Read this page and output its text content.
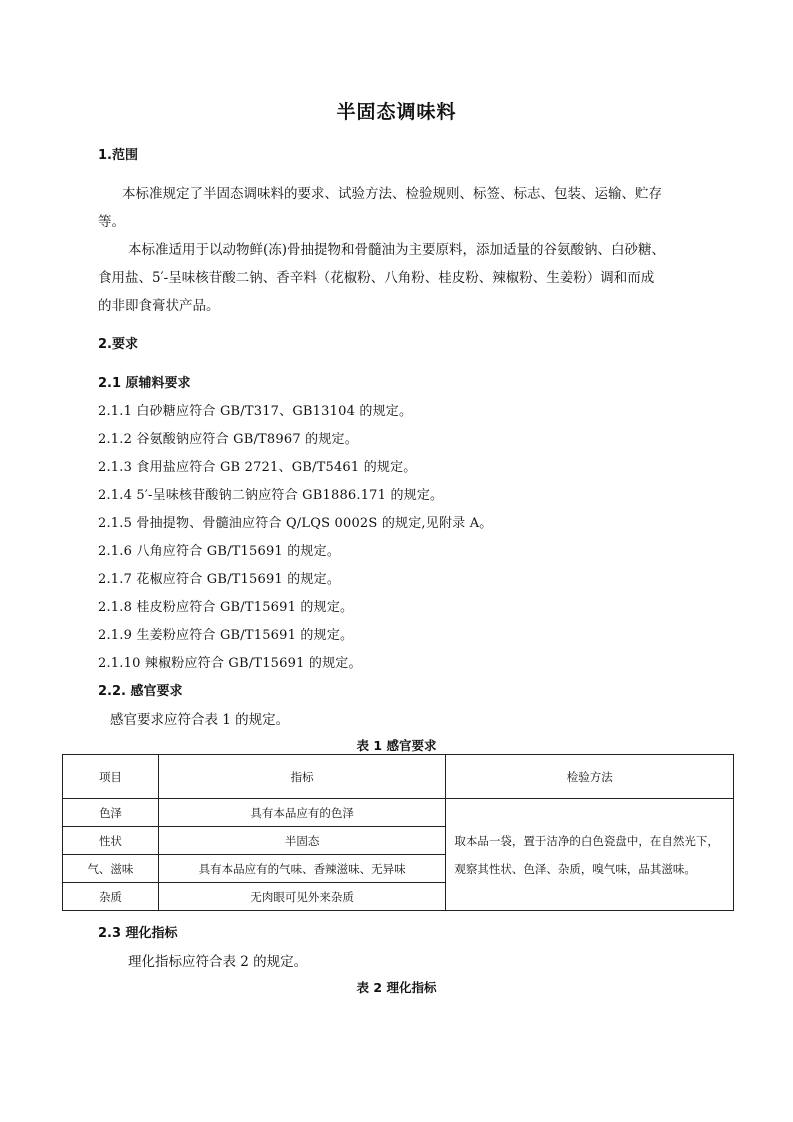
半固态调味料
1.范围
本标准规定了半固态调味料的要求、试验方法、检验规则、标签、标志、包装、运输、贮存
等。
本标准适用于以动物鲜(冻)骨抽提物和骨髓油为主要原料，添加适量的谷氨酸钠、白砂糖、
食用盐、5′-呈味核苷酸二钠、香辛料（花椒粉、八角粉、桂皮粉、辣椒粉、生姜粉）调和而成
的非即食膏状产品。
2.要求
2.1 原辅料要求
2.1.1 白砂糖应符合 GB/T317、GB13104 的规定。
2.1.2 谷氨酸钠应符合 GB/T8967 的规定。
2.1.3 食用盐应符合 GB 2721、GB/T5461 的规定。
2.1.4 5′-呈味核苷酸钠二钠应符合 GB1886.171 的规定。
2.1.5 骨抽提物、骨髓油应符合 Q/LQS 0002S 的规定,见附录 A。
2.1.6 八角应符合 GB/T15691 的规定。
2.1.7 花椒应符合 GB/T15691 的规定。
2.1.8 桂皮粉应符合 GB/T15691 的规定。
2.1.9 生姜粉应符合 GB/T15691 的规定。
2.1.10 辣椒粉应符合 GB/T15691 的规定。
2.2. 感官要求
感官要求应符合表 1 的规定。
表 1 感官要求
项目	指标	检验方法
色泽	具有本品应有的色泽	取本品一袋，置于洁净的白色瓷盘中，在自然光下，
观察其性状、色泽、杂质，嗅气味，品其滋味。

性状	半固态	
气、滋味	具有本品应有的气味、香辣滋味、无异味	
杂质	无肉眼可见外来杂质	
2.3 理化指标
理化指标应符合表 2 的规定。
表 2 理化指标
